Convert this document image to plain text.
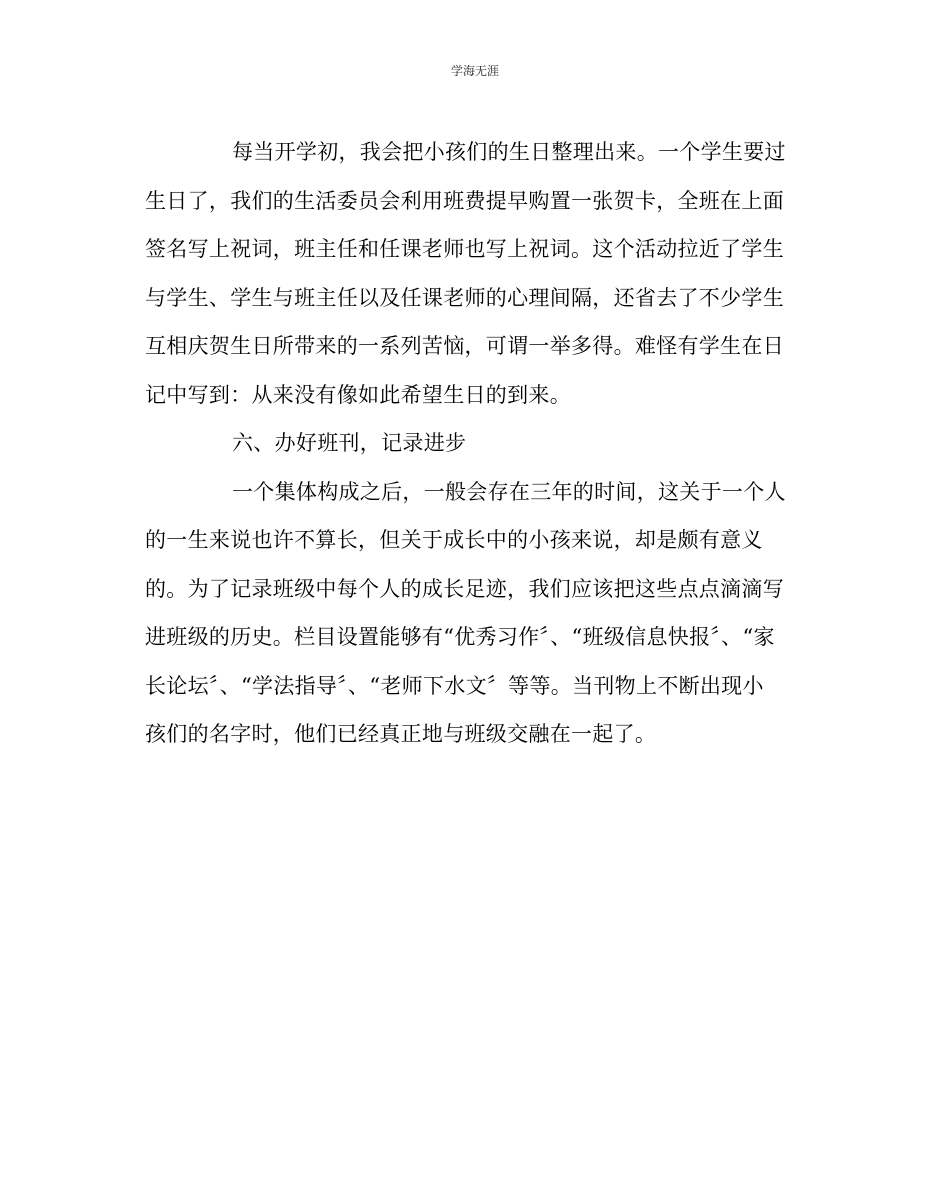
学海无涯
每当开学初，我会把小孩们的生日整理出来。一个学生要过
生日了，我们的生活委员会利用班费提早购置一张贺卡，全班在上面
签名写上祝词，班主任和任课老师也写上祝词。这个活动拉近了学生
与学生、学生与班主任以及任课老师的心理间隔，还省去了不少学生
互相庆贺生日所带来的一系列苦恼，可谓一举多得。难怪有学生在日
记中写到：从来没有像如此希望生日的到来。
六、办好班刊，记录进步
一个集体构成之后，一般会存在三年的时间，这关于一个人
的一生来说也许不算长，但关于成长中的小孩来说，却是颇有意义
的。为了记录班级中每个人的成长足迹，我们应该把这些点点滴滴写
进班级的历史。栏目设置能够有“优秀习作〞、“班级信息快报〞、“家
长论坛〞、“学法指导〞、“老师下水文〞等等。当刊物上不断出现小
孩们的名字时，他们已经真正地与班级交融在一起了。
